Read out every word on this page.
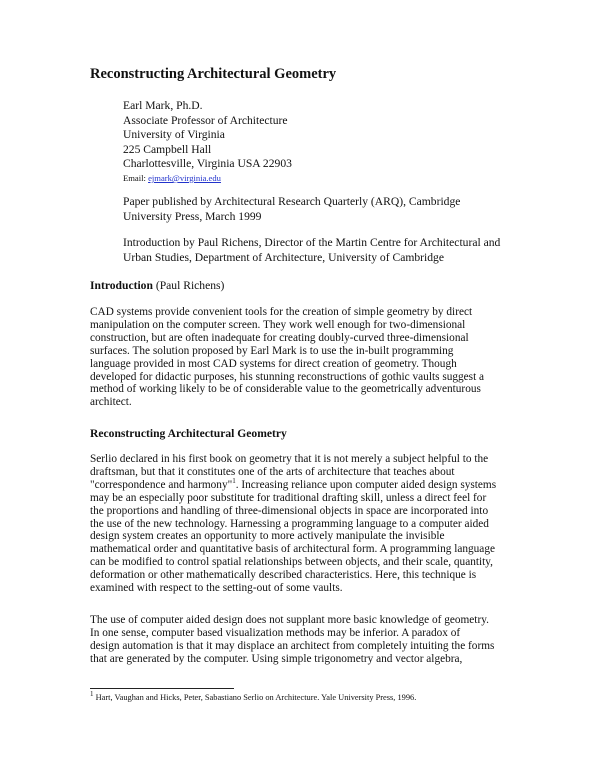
Reconstructing Architectural Geometry
Earl Mark, Ph.D.
Associate Professor of Architecture
University of Virginia
225 Campbell Hall
Charlottesville, Virginia USA 22903
Email: ejmark@virginia.edu
Paper published by Architectural Research Quarterly (ARQ), Cambridge
University Press, March 1999
Introduction by Paul Richens, Director of the Martin Centre for Architectural and
Urban Studies, Department of Architecture, University of Cambridge
Introduction (Paul Richens)
CAD systems provide convenient tools for the creation of simple geometry by direct
manipulation on the computer screen. They work well enough for two-dimensional
construction, but are often inadequate for creating doubly-curved three-dimensional
surfaces. The solution proposed by Earl Mark is to use the in-built programming
language provided in most CAD systems for direct creation of geometry. Though
developed for didactic purposes, his stunning reconstructions of gothic vaults suggest a
method of working likely to be of considerable value to the geometrically adventurous
architect.
Reconstructing Architectural Geometry
Serlio declared in his first book on geometry that it is not merely a subject helpful to the
draftsman, but that it constitutes one of the arts of architecture that teaches about
"correspondence and harmony"$^1$. Increasing reliance upon computer aided design systems
may be an especially poor substitute for traditional drafting skill, unless a direct feel for
the proportions and handling of three-dimensional objects in space are incorporated into
the use of the new technology. Harnessing a programming language to a computer aided
design system creates an opportunity to more actively manipulate the invisible
mathematical order and quantitative basis of architectural form. A programming language
can be modified to control spatial relationships between objects, and their scale, quantity,
deformation or other mathematically described characteristics. Here, this technique is
examined with respect to the setting-out of some vaults.
The use of computer aided design does not supplant more basic knowledge of geometry.
In one sense, computer based visualization methods may be inferior. A paradox of
design automation is that it may displace an architect from completely intuiting the forms
that are generated by the computer. Using simple trigonometry and vector algebra,
$^1$ Hart, Vaughan and Hicks, Peter, Sabastiano Serlio on Architecture. Yale University Press, 1996.
